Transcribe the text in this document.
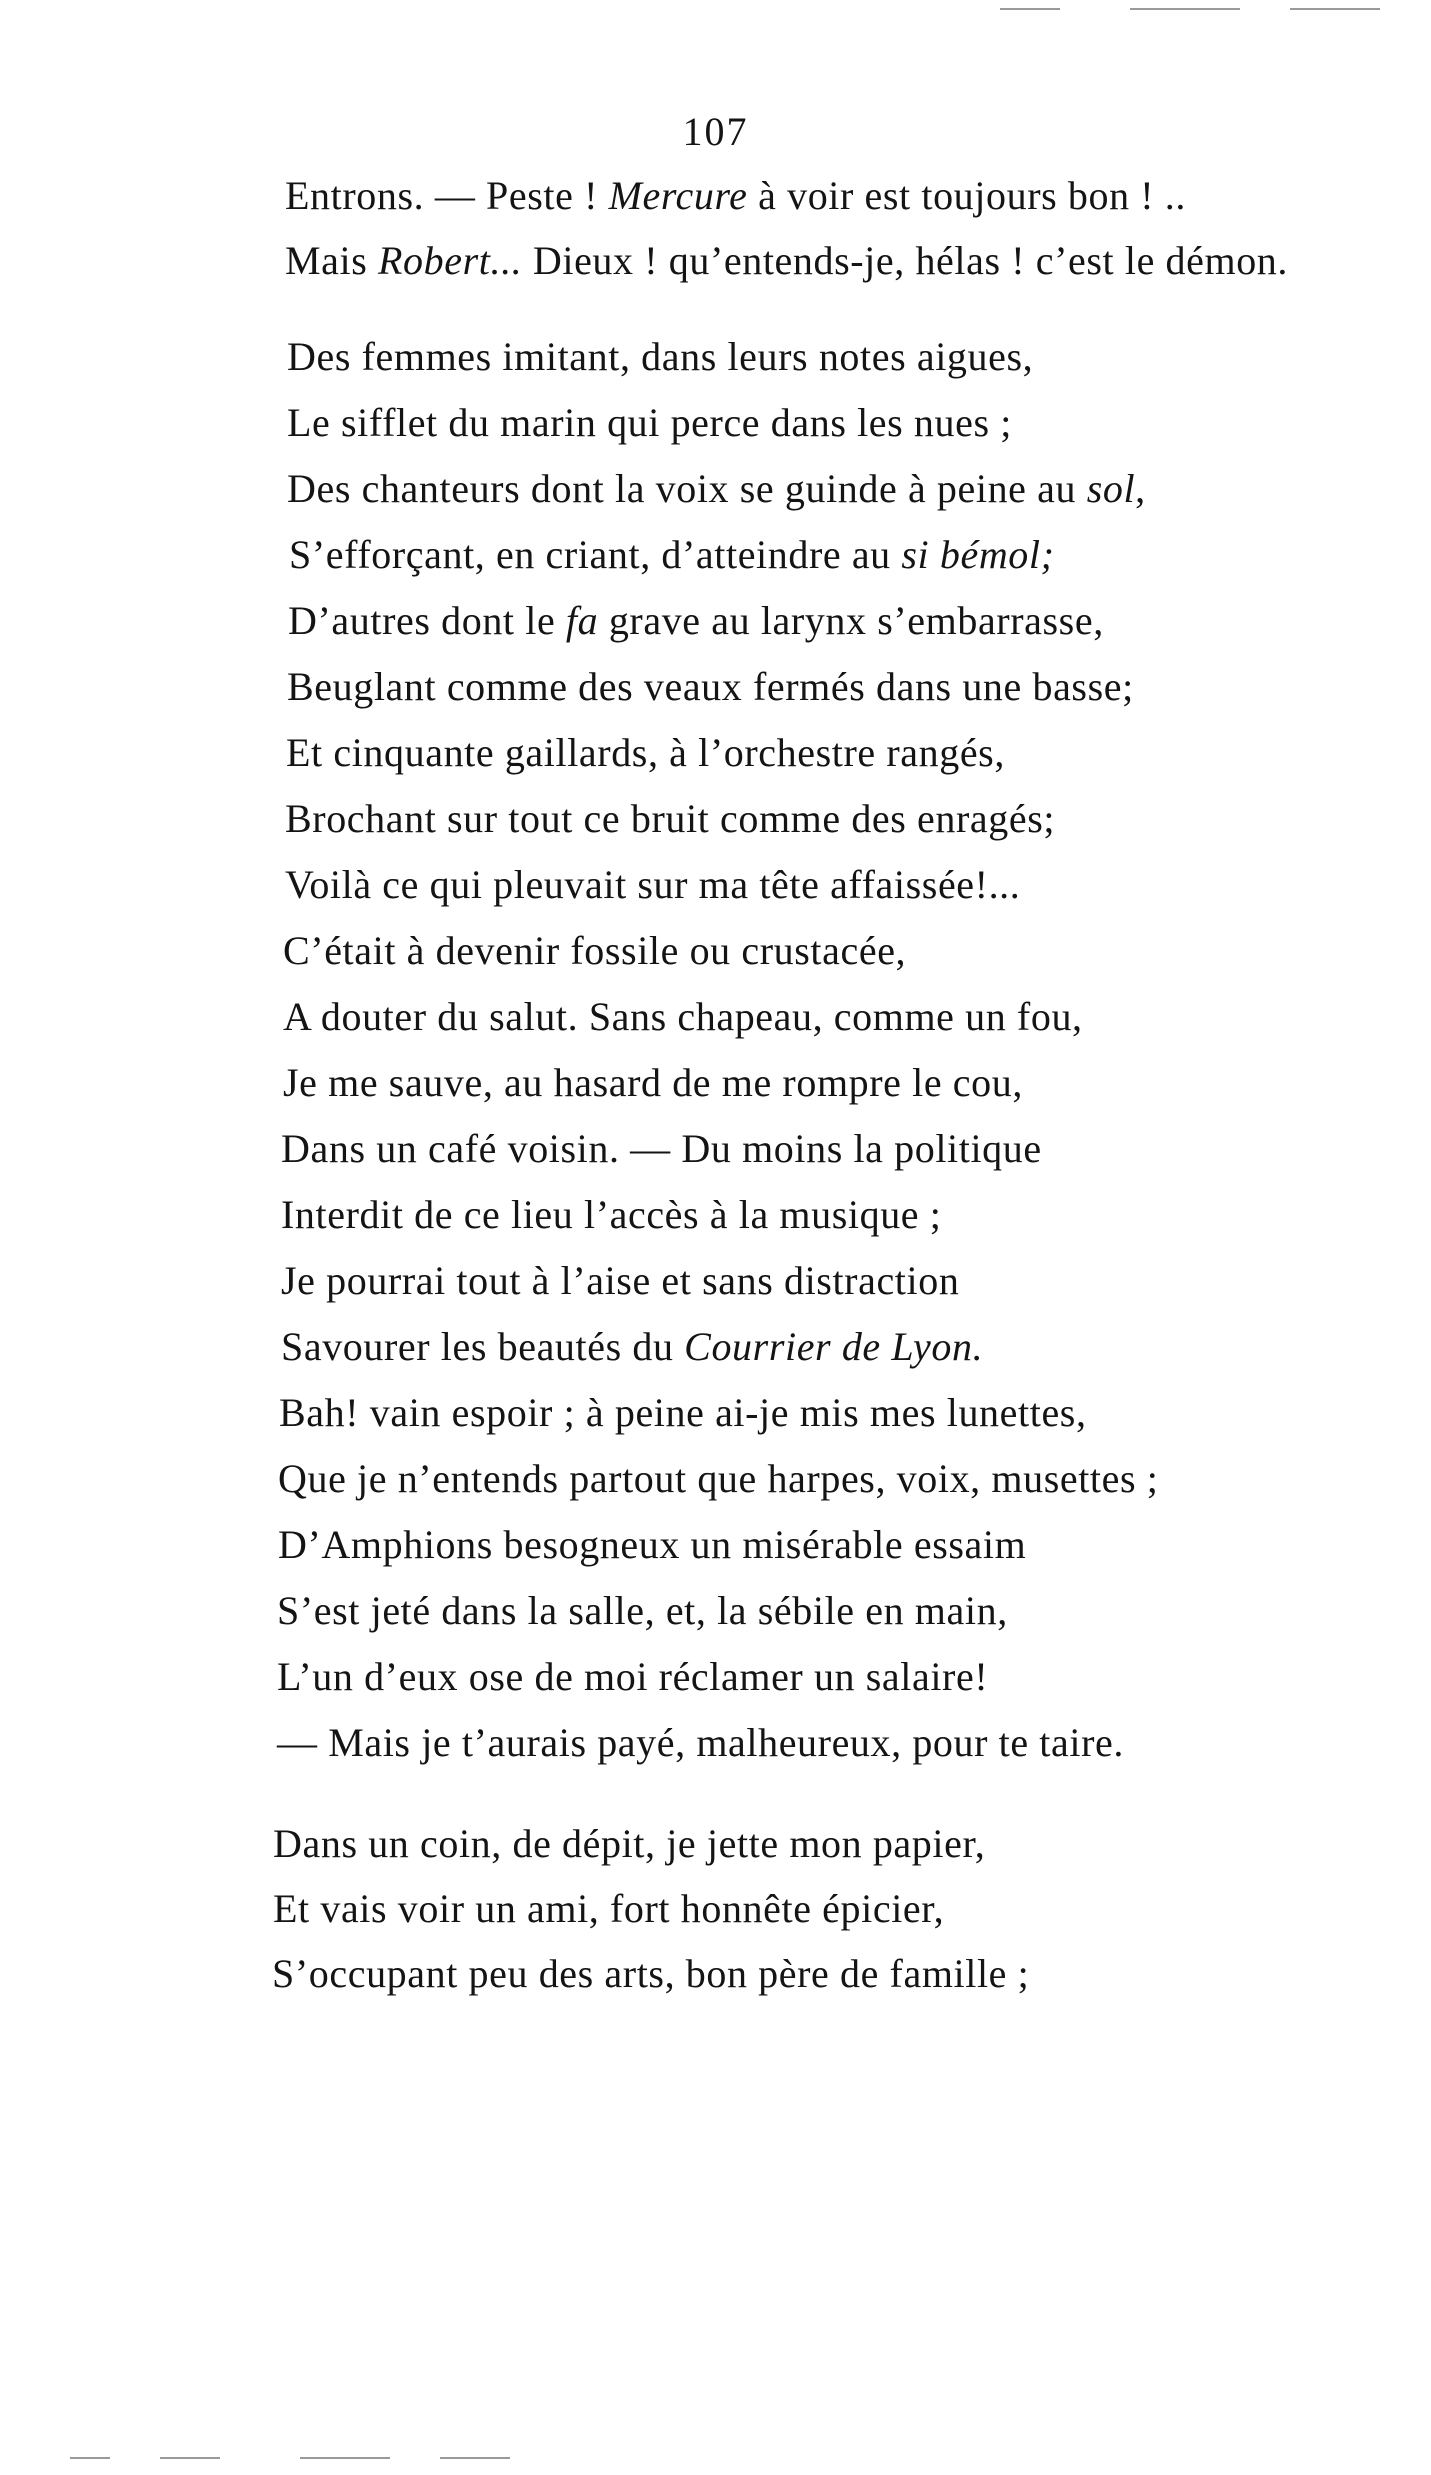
107
Entrons. — Peste ! Mercure à voir est toujours bon ! ..
Mais Robert... Dieux ! qu’entends-je, hélas ! c’est le démon.
Des femmes imitant, dans leurs notes aigues,
Le sifflet du marin qui perce dans les nues ;
Des chanteurs dont la voix se guinde à peine au sol,
S’efforçant, en criant, d’atteindre au si bémol;
D’autres dont le fa grave au larynx s’embarrasse,
Beuglant comme des veaux fermés dans une basse;
Et cinquante gaillards, à l’orchestre rangés,
Brochant sur tout ce bruit comme des enragés;
Voilà ce qui pleuvait sur ma tête affaissée!...
C’était à devenir fossile ou crustacée,
A douter du salut. Sans chapeau, comme un fou,
Je me sauve, au hasard de me rompre le cou,
Dans un café voisin. — Du moins la politique
Interdit de ce lieu l’accès à la musique ;
Je pourrai tout à l’aise et sans distraction
Savourer les beautés du Courrier de Lyon.
Bah! vain espoir ; à peine ai-je mis mes lunettes,
Que je n’entends partout que harpes, voix, musettes ;
D’Amphions besogneux un misérable essaim
S’est jeté dans la salle, et, la sébile en main,
L’un d’eux ose de moi réclamer un salaire!
— Mais je t’aurais payé, malheureux, pour te taire.
Dans un coin, de dépit, je jette mon papier,
Et vais voir un ami, fort honnête épicier,
S’occupant peu des arts, bon père de famille ;
